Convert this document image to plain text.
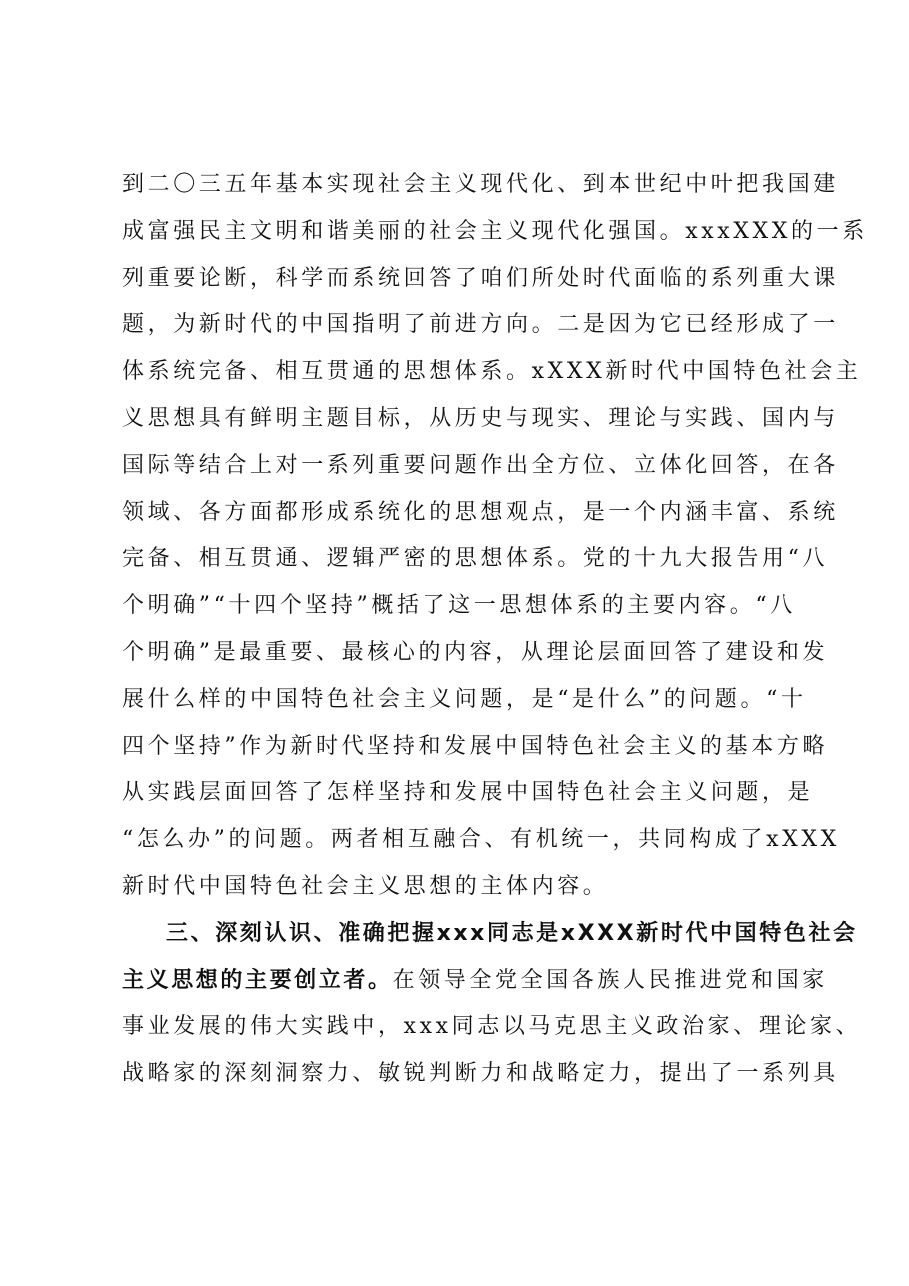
到二〇三五年基本实现社会主义现代化、到本世纪中叶把我国建
成富强民主文明和谐美丽的社会主义现代化强国。xxxXXX的一系
列重要论断，科学而系统回答了咱们所处时代面临的系列重大课
题，为新时代的中国指明了前进方向。二是因为它已经形成了一
体系统完备、相互贯通的思想体系。xXXX新时代中国特色社会主
义思想具有鲜明主题目标，从历史与现实、理论与实践、国内与
国际等结合上对一系列重要问题作出全方位、立体化回答，在各
领域、各方面都形成系统化的思想观点，是一个内涵丰富、系统
完备、相互贯通、逻辑严密的思想体系。党的十九大报告用“八
个明确”“十四个坚持”概括了这一思想体系的主要内容。“八
个明确”是最重要、最核心的内容，从理论层面回答了建设和发
展什么样的中国特色社会主义问题，是“是什么”的问题。“十
四个坚持”作为新时代坚持和发展中国特色社会主义的基本方略
从实践层面回答了怎样坚持和发展中国特色社会主义问题，是
“怎么办”的问题。两者相互融合、有机统一，共同构成了xXXX
新时代中国特色社会主义思想的主体内容。
三、深刻认识、准确把握xxx同志是xXXX新时代中国特色社会
主义思想的主要创立者。在领导全党全国各族人民推进党和国家
事业发展的伟大实践中，xxx同志以马克思主义政治家、理论家、
战略家的深刻洞察力、敏锐判断力和战略定力，提出了一系列具
